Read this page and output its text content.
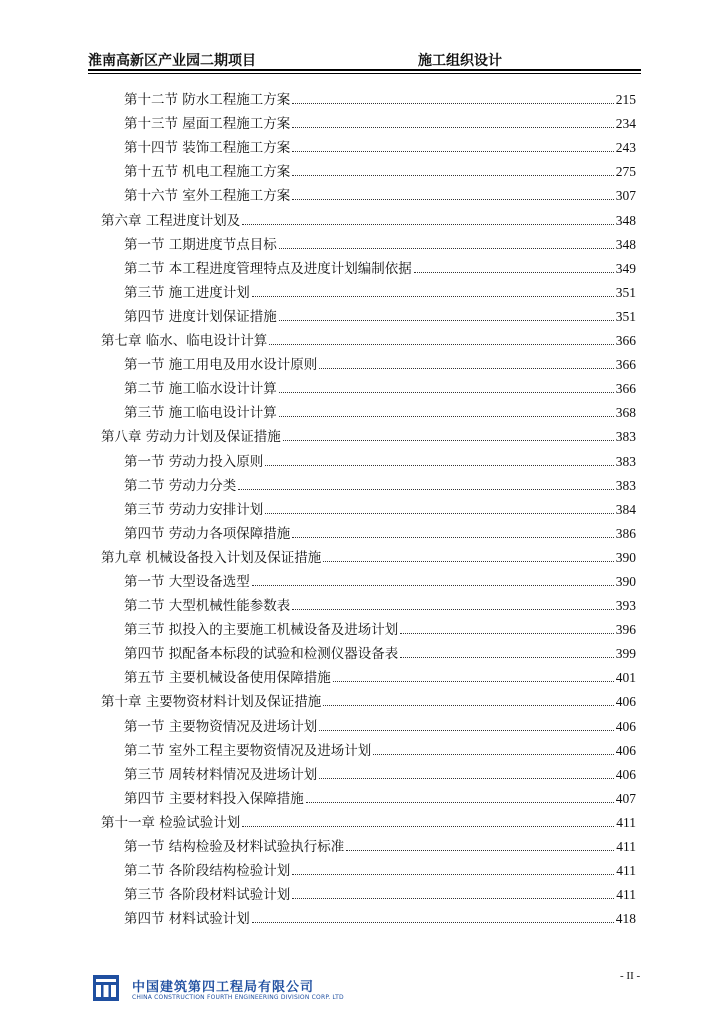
淮南高新区产业园二期项目	施工组织设计
第十二节 防水工程施工方案	215
第十三节 屋面工程施工方案	234
第十四节 装饰工程施工方案	243
第十五节 机电工程施工方案	275
第十六节 室外工程施工方案	307
第六章 工程进度计划及	348
第一节 工期进度节点目标	348
第二节 本工程进度管理特点及进度计划编制依据	349
第三节 施工进度计划	351
第四节 进度计划保证措施	351
第七章 临水、临电设计计算	366
第一节 施工用电及用水设计原则	366
第二节 施工临水设计计算	366
第三节 施工临电设计计算	368
第八章 劳动力计划及保证措施	383
第一节 劳动力投入原则	383
第二节 劳动力分类	383
第三节 劳动力安排计划	384
第四节 劳动力各项保障措施	386
第九章 机械设备投入计划及保证措施	390
第一节 大型设备选型	390
第二节 大型机械性能参数表	393
第三节 拟投入的主要施工机械设备及进场计划	396
第四节 拟配备本标段的试验和检测仪器设备表	399
第五节 主要机械设备使用保障措施	401
第十章 主要物资材料计划及保证措施	406
第一节 主要物资情况及进场计划	406
第二节 室外工程主要物资情况及进场计划	406
第三节 周转材料情况及进场计划	406
第四节 主要材料投入保障措施	407
第十一章 检验试验计划	411
第一节 结构检验及材料试验执行标准	411
第二节 各阶段结构检验计划	411
第三节 各阶段材料试验计划	411
第四节 材料试验计划	418
- II -
中国建筑第四工程局有限公司
CHINA CONSTRUCTION FOURTH ENGINEERING DIVISION CORP. LTD
